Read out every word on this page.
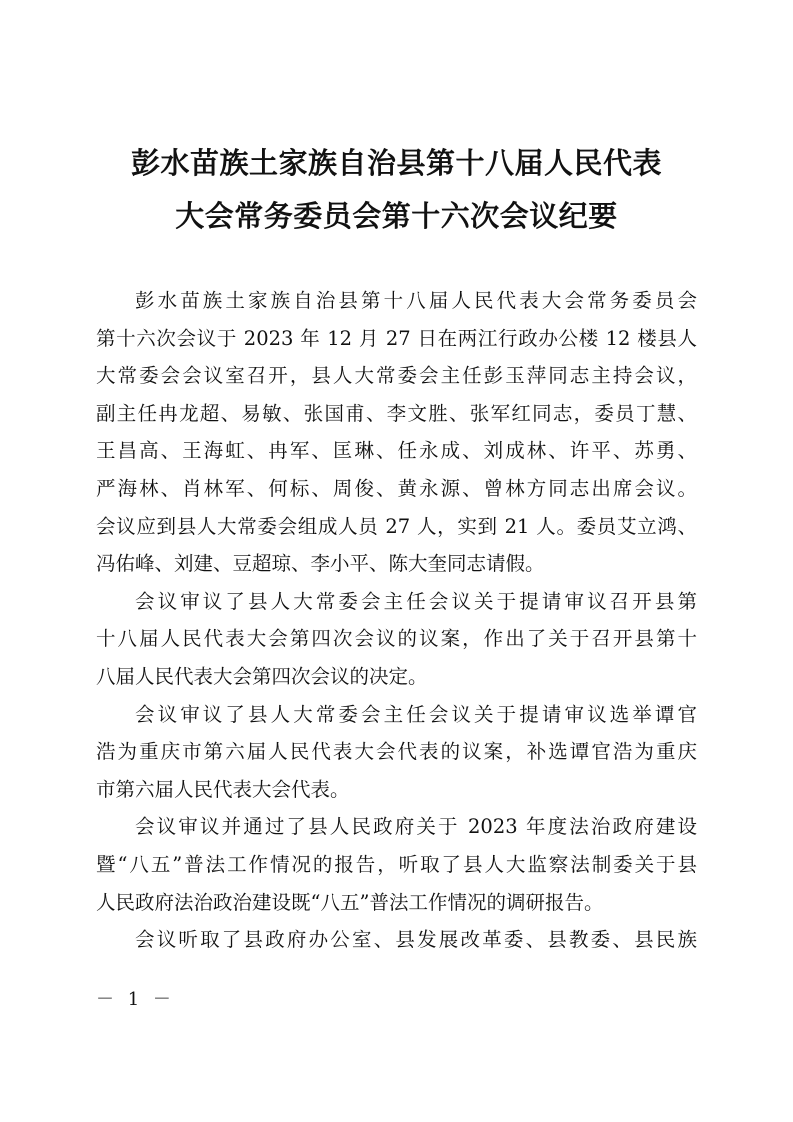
彭水苗族土家族自治县第十八届人民代表
大会常务委员会第十六次会议纪要
彭水苗族土家族自治县第十八届人民代表大会常务委员会
第十六次会议于 2023 年 12 月 27 日在两江行政办公楼 12 楼县人
大常委会会议室召开，县人大常委会主任彭玉萍同志主持会议，
副主任冉龙超、易敏、张国甫、李文胜、张军红同志，委员丁慧、
王昌高、王海虹、冉军、匡琳、任永成、刘成林、许平、苏勇、
严海林、肖林军、何标、周俊、黄永源、曾林方同志出席会议。
会议应到县人大常委会组成人员 27 人，实到 21 人。委员艾立鸿、
冯佑峰、刘建、豆超琼、李小平、陈大奎同志请假。
会议审议了县人大常委会主任会议关于提请审议召开县第
十八届人民代表大会第四次会议的议案，作出了关于召开县第十
八届人民代表大会第四次会议的决定。
会议审议了县人大常委会主任会议关于提请审议选举谭官
浩为重庆市第六届人民代表大会代表的议案，补选谭官浩为重庆
市第六届人民代表大会代表。
会议审议并通过了县人民政府关于 2023 年度法治政府建设
暨“八五”普法工作情况的报告，听取了县人大监察法制委关于县
人民政府法治政治建设既“八五”普法工作情况的调研报告。
会议听取了县政府办公室、县发展改革委、县教委、县民族
－ 1 －
